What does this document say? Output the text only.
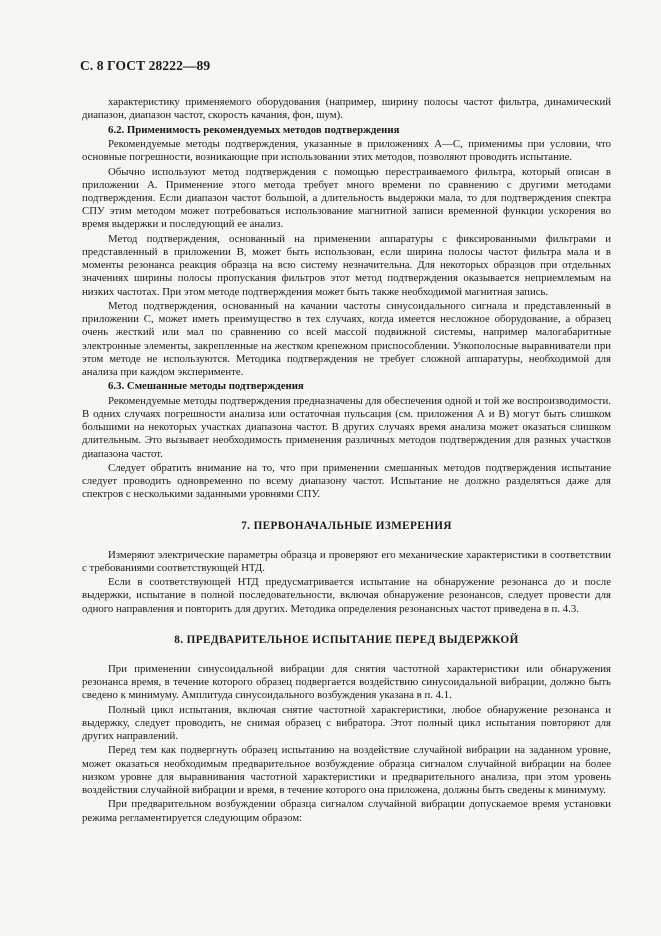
С. 8 ГОСТ 28222—89

характеристику применяемого оборудования (например, ширину полосы частот фильтра, динамический диапазон, диапазон частот, скорость качания, фон, шум).

6.2. Применимость рекомендуемых методов подтверждения

Рекомендуемые методы подтверждения, указанные в приложениях А—С, применимы при условии, что основные погрешности, возникающие при использовании этих методов, позволяют проводить испытание.

Обычно используют метод подтверждения с помощью перестраиваемого фильтра, который описан в приложении А. Применение этого метода требует много времени по сравнению с другими методами подтверждения. Если диапазон частот большой, а длительность выдержки мала, то для подтверждения спектра СПУ этим методом может потребоваться использование магнитной записи временной функции ускорения во время выдержки и последующий ее анализ.

Метод подтверждения, основанный на применении аппаратуры с фиксированными фильтрами и представленный в приложении В, может быть использован, если ширина полосы частот фильтра мала и в моменты резонанса реакция образца на всю систему незначительна. Для некоторых образцов при отдельных значениях ширины полосы пропускания фильтров этот метод подтверждения оказывается неприемлемым на низких частотах. При этом методе подтверждения может быть также необходимой магнитная запись.

Метод подтверждения, основанный на качании частоты синусоидального сигнала и представленный в приложении С, может иметь преимущество в тех случаях, когда имеется несложное оборудование, а образец очень жесткий или мал по сравнению со всей массой подвижной системы, например малогабаритные электронные элементы, закрепленные на жестком крепежном приспособлении. Узкополосные выравниватели при этом методе не используются. Методика подтверждения не требует сложной аппаратуры, необходимой для анализа при каждом эксперименте.

6.3. Смешанные методы подтверждения

Рекомендуемые методы подтверждения предназначены для обеспечения одной и той же воспроизводимости. В одних случаях погрешности анализа или остаточная пульсация (см. приложения А и В) могут быть слишком большими на некоторых участках диапазона частот. В других случаях время анализа может оказаться слишком длительным. Это вызывает необходимость применения различных методов подтверждения для разных участков диапазона частот.

Следует обратить внимание на то, что при применении смешанных методов подтверждения испытание следует проводить одновременно по всему диапазону частот. Испытание не должно разделяться даже для спектров с несколькими заданными уровнями СПУ.

7. ПЕРВОНАЧАЛЬНЫЕ ИЗМЕРЕНИЯ

Измеряют электрические параметры образца и проверяют его механические характеристики в соответствии с требованиями соответствующей НТД.

Если в соответствующей НТД предусматривается испытание на обнаружение резонанса до и после выдержки, испытание в полной последовательности, включая обнаружение резонансов, следует провести для одного направления и повторить для других. Методика определения резонансных частот приведена в п. 4.3.

8. ПРЕДВАРИТЕЛЬНОЕ ИСПЫТАНИЕ ПЕРЕД ВЫДЕРЖКОЙ

При применении синусоидальной вибрации для снятия частотной характеристики или обнаружения резонанса время, в течение которого образец подвергается воздействию синусоидальной вибрации, должно быть сведено к минимуму. Амплитуда синусоидального возбуждения указана в п. 4.1.

Полный цикл испытания, включая снятие частотной характеристики, любое обнаружение резонанса и выдержку, следует проводить, не снимая образец с вибратора. Этот полный цикл испытания повторяют для других направлений.

Перед тем как подвергнуть образец испытанию на воздействие случайной вибрации на заданном уровне, может оказаться необходимым предварительное возбуждение образца сигналом случайной вибрации на более низком уровне для выравнивания частотной характеристики и предварительного анализа, при этом уровень воздействия случайной вибрации и время, в течение которого она приложена, должны быть сведены к минимуму.

При предварительном возбуждении образца сигналом случайной вибрации допускаемое время установки режима регламентируется следующим образом:
